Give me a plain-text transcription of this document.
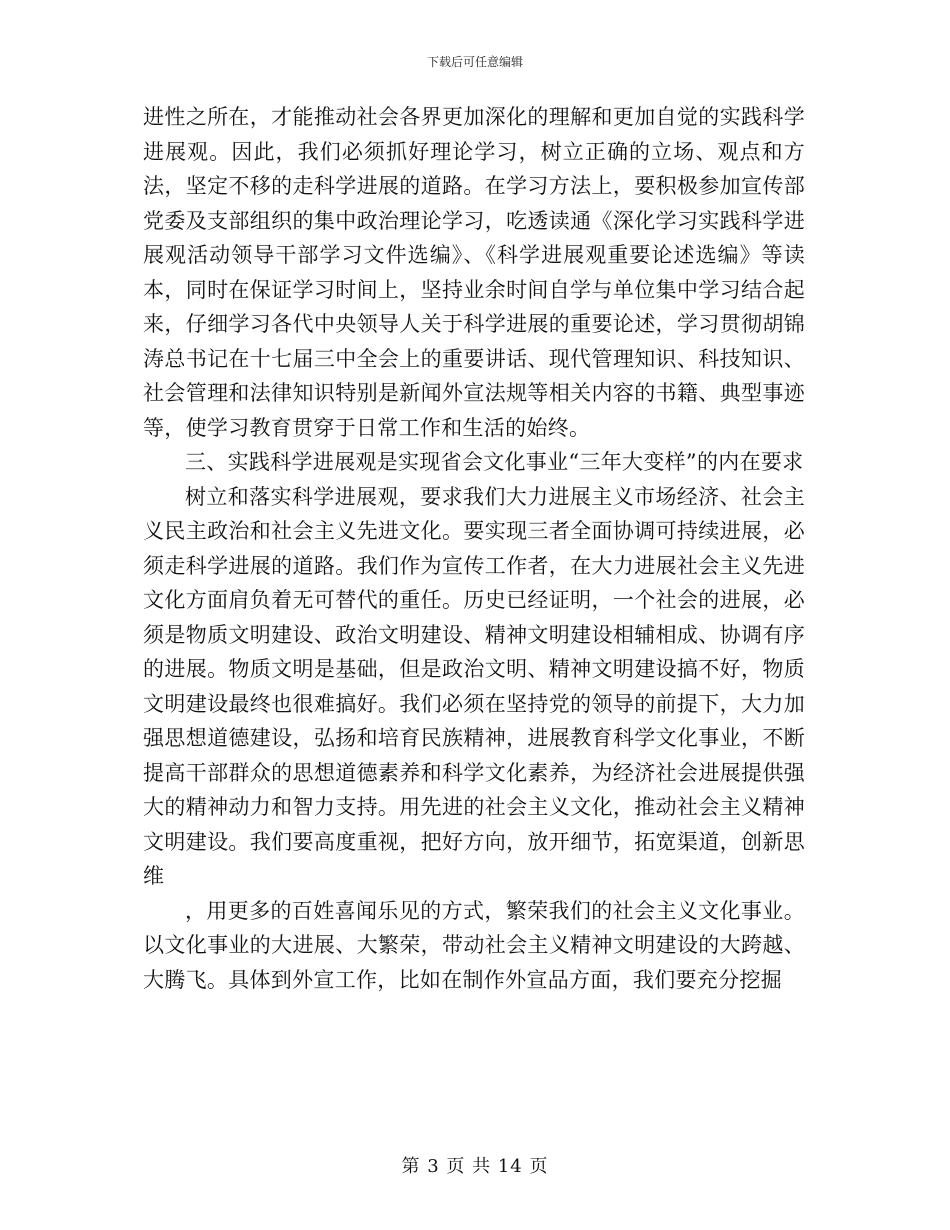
下载后可任意编辑

进性之所在，才能推动社会各界更加深化的理解和更加自觉的实践科学进展观。因此，我们必须抓好理论学习，树立正确的立场、观点和方法，坚定不移的走科学进展的道路。在学习方法上，要积极参加宣传部党委及支部组织的集中政治理论学习，吃透读通《深化学习实践科学进展观活动领导干部学习文件选编》、《科学进展观重要论述选编》等读本，同时在保证学习时间上，坚持业余时间自学与单位集中学习结合起来，仔细学习各代中央领导人关于科学进展的重要论述，学习贯彻胡锦涛总书记在十七届三中全会上的重要讲话、现代管理知识、科技知识、社会管理和法律知识特别是新闻外宣法规等相关内容的书籍、典型事迹等，使学习教育贯穿于日常工作和生活的始终。

三、实践科学进展观是实现省会文化事业“三年大变样”的内在要求

树立和落实科学进展观，要求我们大力进展主义市场经济、社会主义民主政治和社会主义先进文化。要实现三者全面协调可持续进展，必须走科学进展的道路。我们作为宣传工作者，在大力进展社会主义先进文化方面肩负着无可替代的重任。历史已经证明，一个社会的进展，必须是物质文明建设、政治文明建设、精神文明建设相辅相成、协调有序的进展。物质文明是基础，但是政治文明、精神文明建设搞不好，物质文明建设最终也很难搞好。我们必须在坚持党的领导的前提下，大力加强思想道德建设，弘扬和培育民族精神，进展教育科学文化事业，不断提高干部群众的思想道德素养和科学文化素养，为经济社会进展提供强大的精神动力和智力支持。用先进的社会主义文化，推动社会主义精神文明建设。我们要高度重视，把好方向，放开细节，拓宽渠道，创新思维

，用更多的百姓喜闻乐见的方式，繁荣我们的社会主义文化事业。以文化事业的大进展、大繁荣，带动社会主义精神文明建设的大跨越、大腾飞。具体到外宣工作，比如在制作外宣品方面，我们要充分挖掘

第 3 页 共 14 页
